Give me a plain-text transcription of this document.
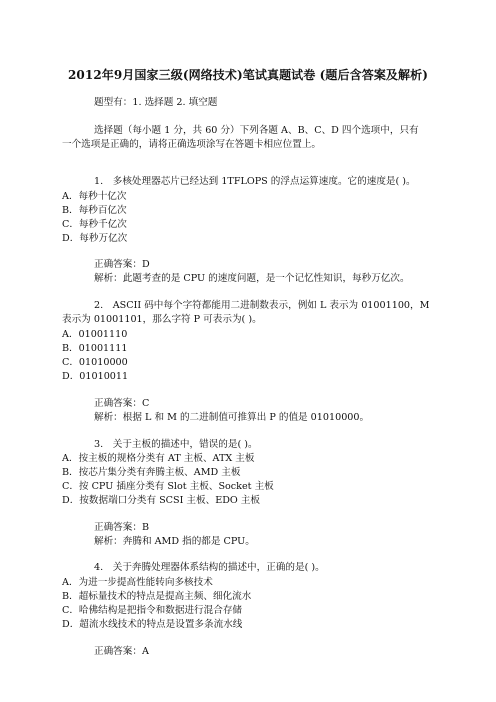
2012年9月国家三级(网络技术)笔试真题试卷 (题后含答案及解析)
题型有：1. 选择题 2. 填空题
选择题（每小题 1 分，共 60 分）下列各题 A、B、C、D 四个选项中，只有
一个选项是正确的，请将正确选项涂写在答题卡相应位置上。
1.　多核处理器芯片已经达到 1TFLOPS 的浮点运算速度。它的速度是( )。
A．每秒十亿次
B．每秒百亿次
C．每秒千亿次
D．每秒万亿次
正确答案：D
解析：此题考查的是 CPU 的速度问题，是一个记忆性知识，每秒万亿次。
2.　ASCII 码中每个字符都能用二进制数表示，例如 L 表示为 01001100，M
表示为 01001101，那么字符 P 可表示为( )。
A．01001110
B．01001111
C．01010000
D．01010011
正确答案：C
解析：根据 L 和 M 的二进制值可推算出 P 的值是 01010000。
3.　关于主板的描述中，错误的是( )。
A．按主板的规格分类有 AT 主板、ATX 主板
B．按芯片集分类有奔腾主板、AMD 主板
C．按 CPU 插座分类有 Slot 主板、Socket 主板
D．按数据端口分类有 SCSI 主板、EDO 主板
正确答案：B
解析：奔腾和 AMD 指的都是 CPU。
4.　关于奔腾处理器体系结构的描述中，正确的是( )。
A．为进一步提高性能转向多核技术
B．超标量技术的特点是提高主频、细化流水
C．哈佛结构是把指令和数据进行混合存储
D．超流水线技术的特点是设置多条流水线
正确答案：A
